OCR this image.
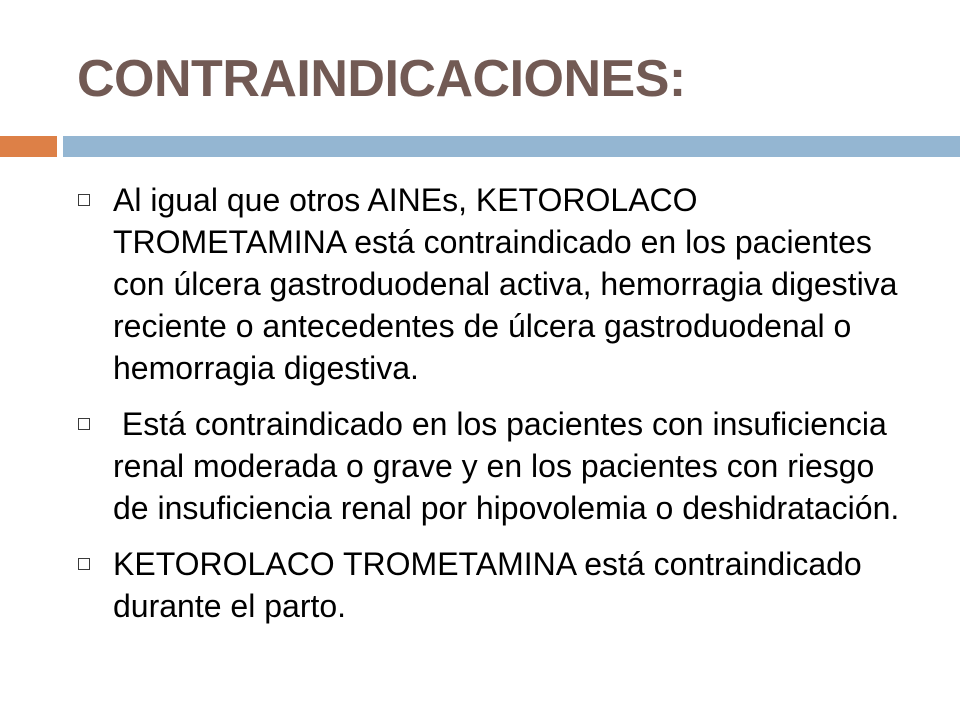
CONTRAINDICACIONES:
Al igual que otros AINEs, KETOROLACO
TROMETAMINA está contraindicado en los pacientes
con úlcera gastroduodenal activa, hemorragia digestiva
reciente o antecedentes de úlcera gastroduodenal o
hemorragia digestiva.
Está contraindicado en los pacientes con insuficiencia
renal moderada o grave y en los pacientes con riesgo
de insuficiencia renal por hipovolemia o deshidratación.
KETOROLACO TROMETAMINA está contraindicado
durante el parto.
